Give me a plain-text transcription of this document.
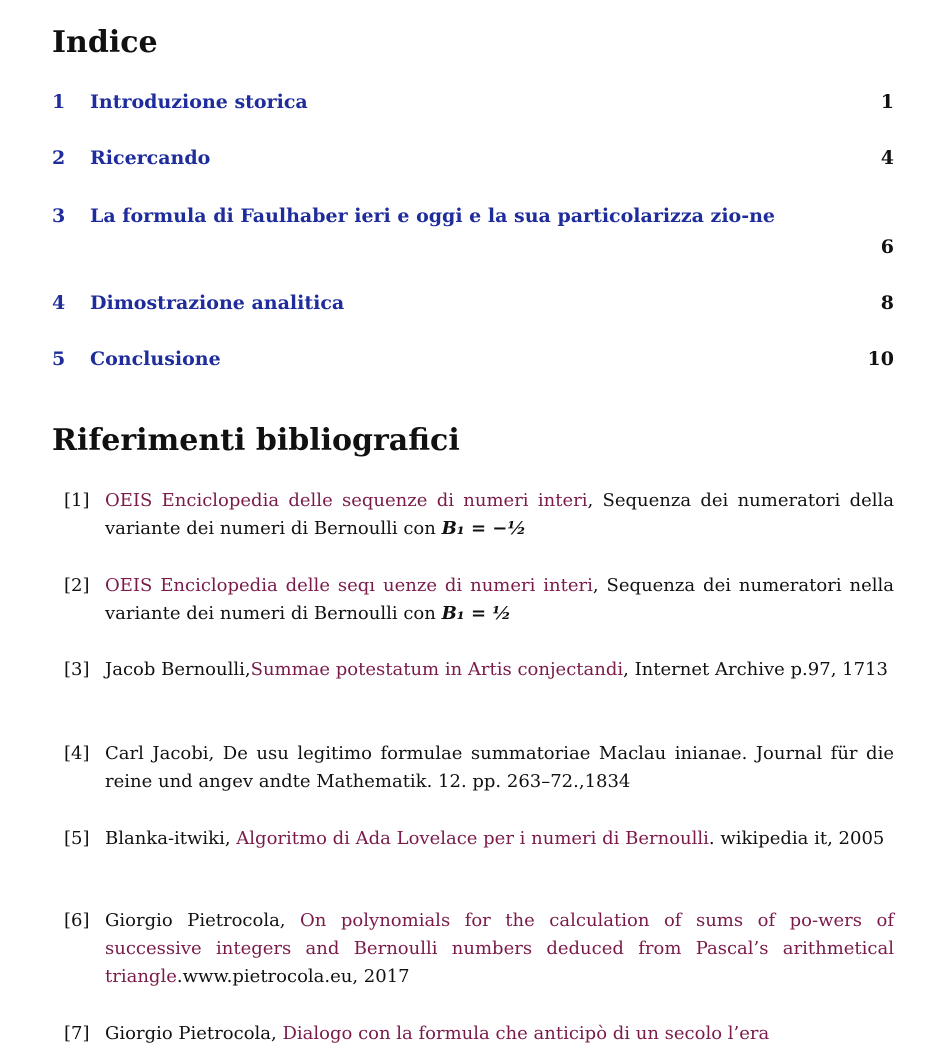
Indice
1	Introduzione storica	1
2	Ricercando	4
3	La formula di Faulhaber ieri e oggi e la sua particolarizza zio-ne
6
4	Dimostrazione analitica	8
5	Conclusione	10
Riferimenti bibliografici
[1] OEIS Enciclopedia delle sequenze di numeri interi, Sequenza dei numeratori della variante dei numeri di Bernoulli con B₁ = −½
[2] OEIS Enciclopedia delle seqı uenze di numeri interi, Sequenza dei numeratori nella variante dei numeri di Bernoulli con B₁ = ½
[3] Jacob Bernoulli,Summae potestatum in Artis conjectandi, Internet Archive p.97, 1713
[4] Carl Jacobi, De usu legitimo formulae summatoriae Maclau inianae. Journal für die reine und angev andte Mathematik. 12. pp. 263–72.,1834
[5] Blanka-itwiki, Algoritmo di Ada Lovelace per i numeri di Bernoulli. wikipedia it, 2005
[6] Giorgio Pietrocola, On polynomials for the calculation of sums of po-wers of successive integers and Bernoulli numbers deduced from Pascal’s arithmetical triangle.www.pietrocola.eu, 2017
[7] Giorgio Pietrocola, Dialogo con la formula che anticipò di un secolo l’era
